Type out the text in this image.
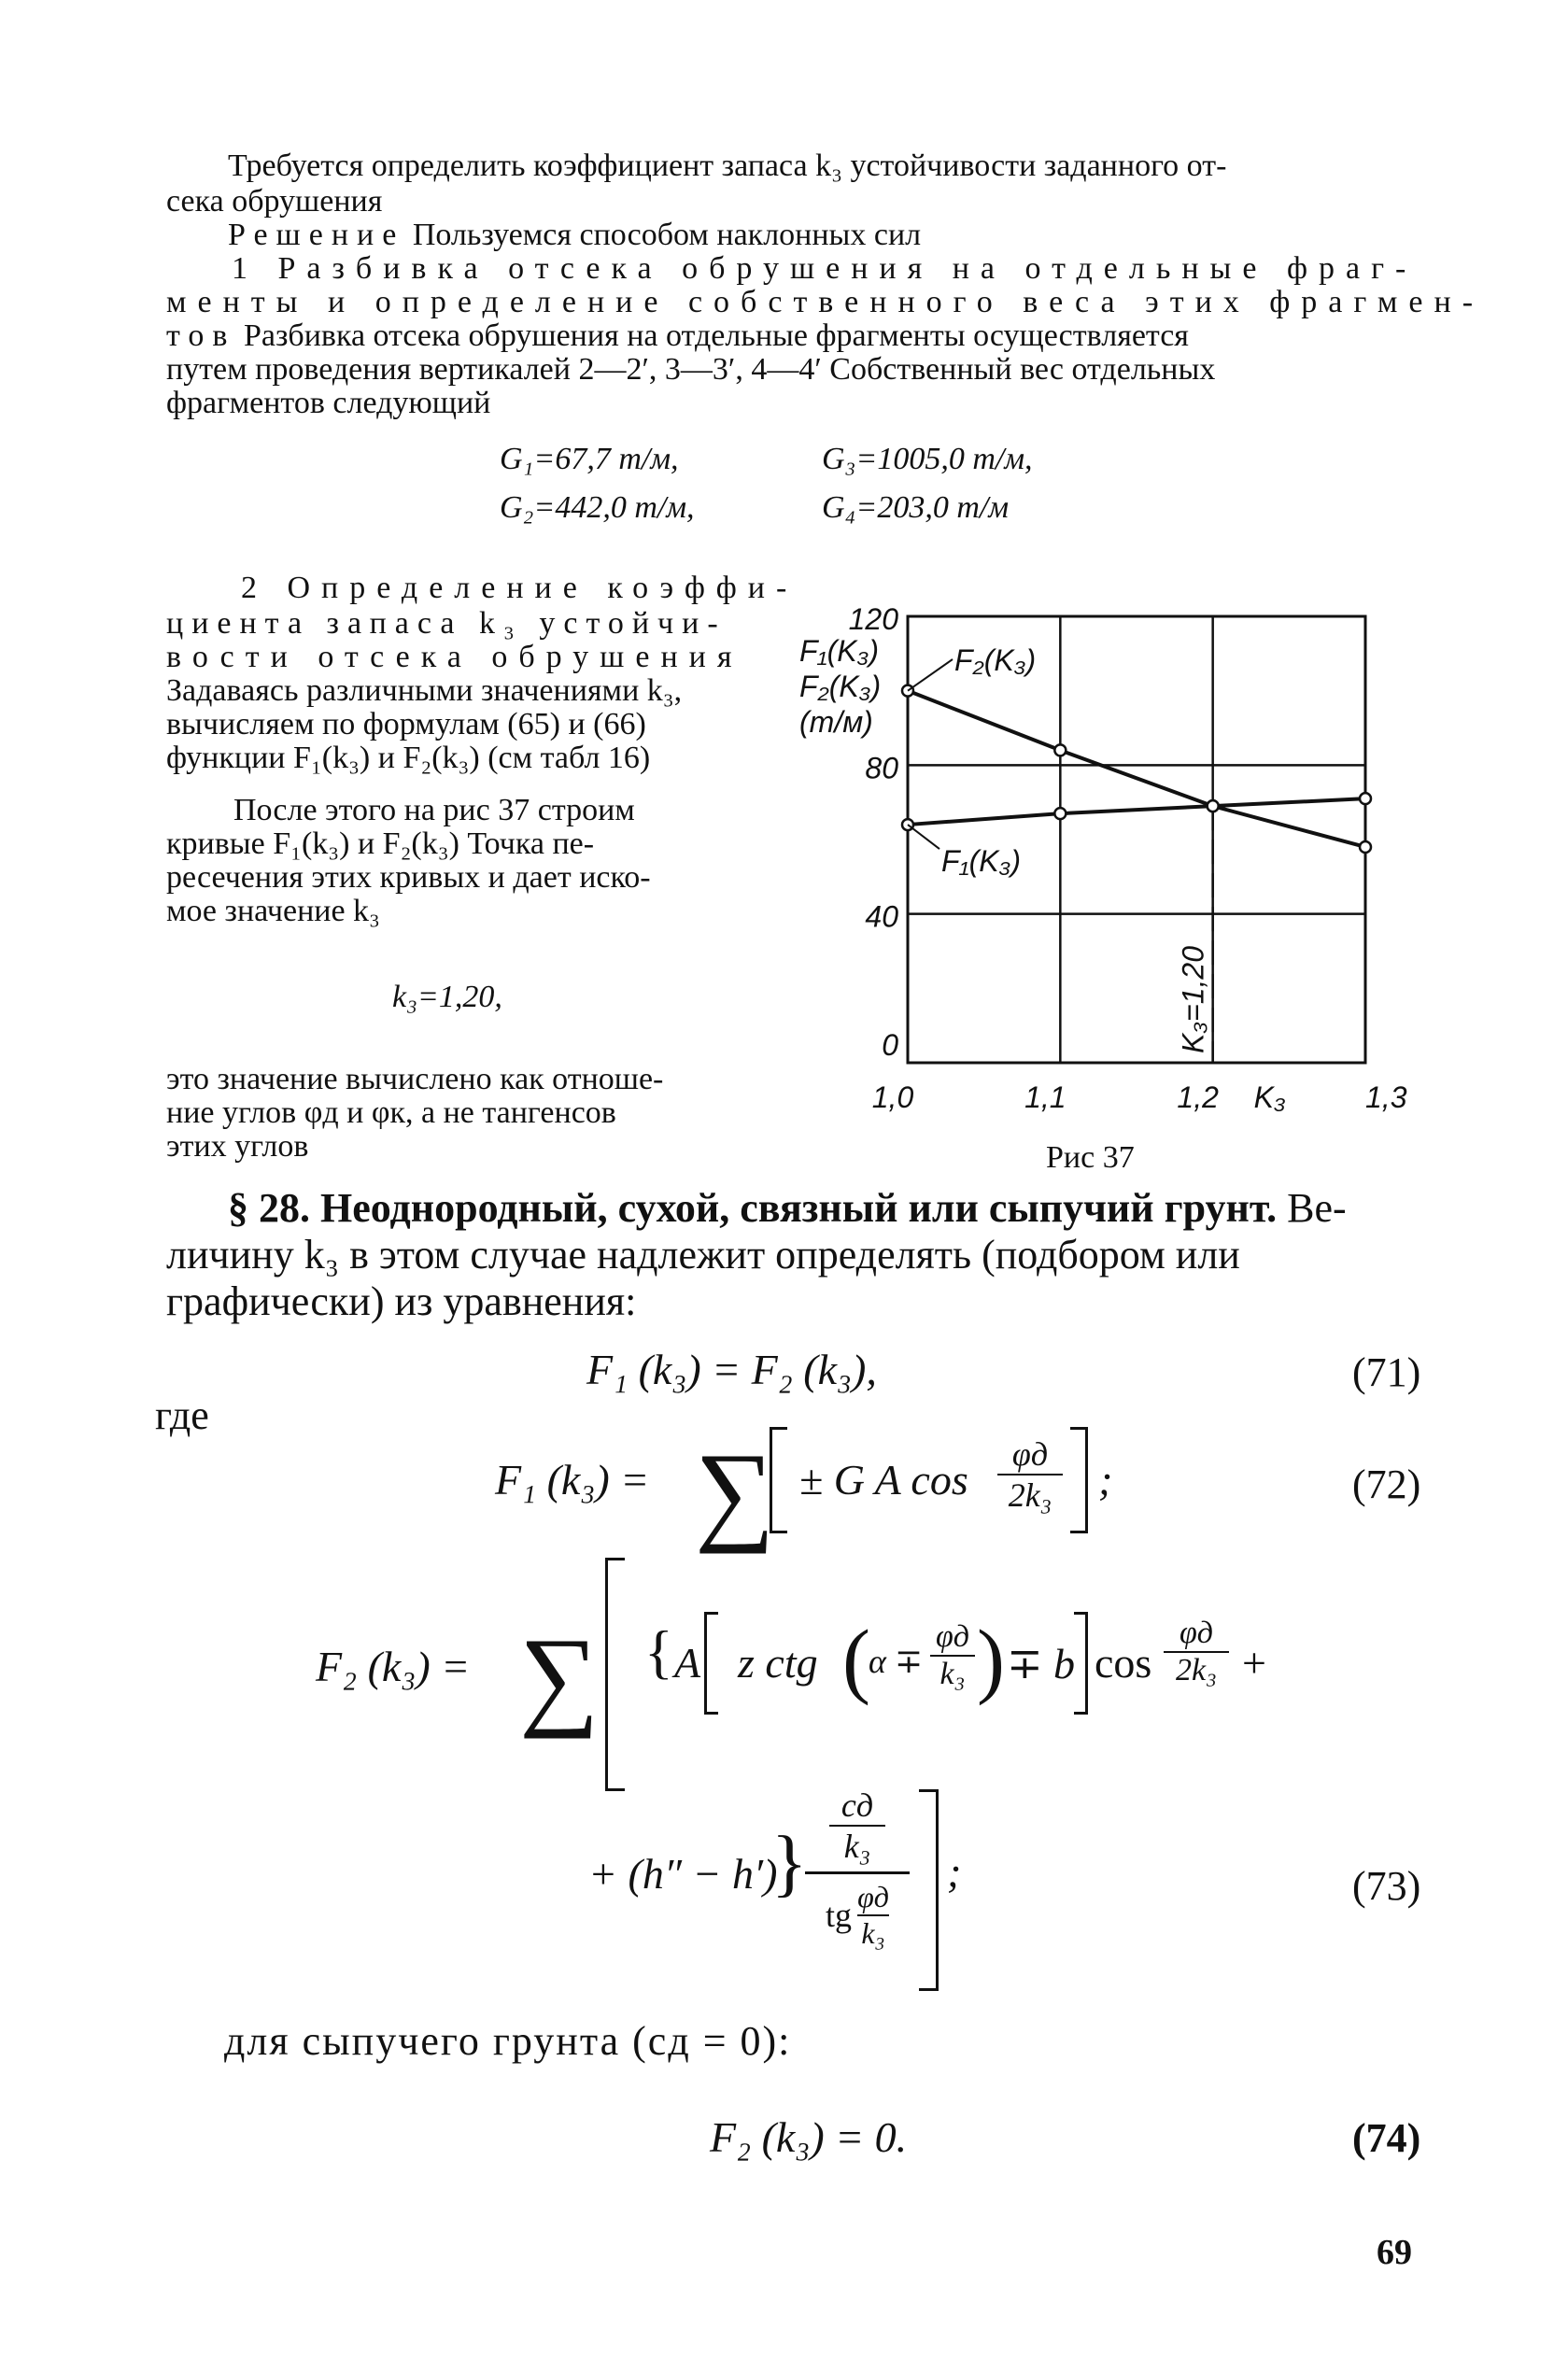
Требуется определить коэффициент запаса k₃ устойчивости заданного от-
сека обрушения
Решение Пользуемся способом наклонных сил
1 Разбивка отсека обрушения на отдельные фраг-
менты и определение собственного веса этих фрагмен-
тов Разбивка отсека обрушения на отдельные фрагменты осуществляется
путем проведения вертикалей 2—2′, 3—3′, 4—4′ Собственный вес отдельных
фрагментов следующий
G₁=67,7 т/м,	G₃=1005,0 т/м,
G₂=442,0 т/м,	G₄=203,0 т/м
2 Определение коэффи-
циента запаса k₃ устойчи-
вости отсека обрушения
Задаваясь различными значениями k₃,
вычисляем по формулам (65) и (66)
функции F₁(k₃) и F₂(k₃) (см табл 16)
После этого на рис 37 строим
кривые F₁(k₃) и F₂(k₃) Точка пе-
ресечения этих кривых и дает иско-
мое значение k₃
k₃=1,20,
это значение вычислено как отноше-
ние углов φд и φк, а не тангенсов
этих углов
0
40
80
120
1,0	1,1	1,2	1,3
K₃
F₁(K₃)
F₂(K₃)
(т/м)
F₂(K₃)
F₁(K₃)
K₃=1,20
Рис 37
§ 28. Неоднородный, сухой, связный или сыпучий грунт. Ве-
личину k₃ в этом случае надлежит определять (подбором или
графически) из уравнения:
F₁ (k₃) = F₂ (k₃),	(71)
где
F₁ (k₃) = ∑ ± G A cos
φд
2k₃ ;	(72)
F₂ (k₃) = ∑ { A z ctg (
α ∓
φд
k₃ ) ∓ b cos
φд
2k₃ +
+ (h″ − h′)
}
cд
k₃
tg φд
k₃
;	(73)
для сыпучего грунта (cд = 0):
F₂ (k₃) = 0.	(74)
69
